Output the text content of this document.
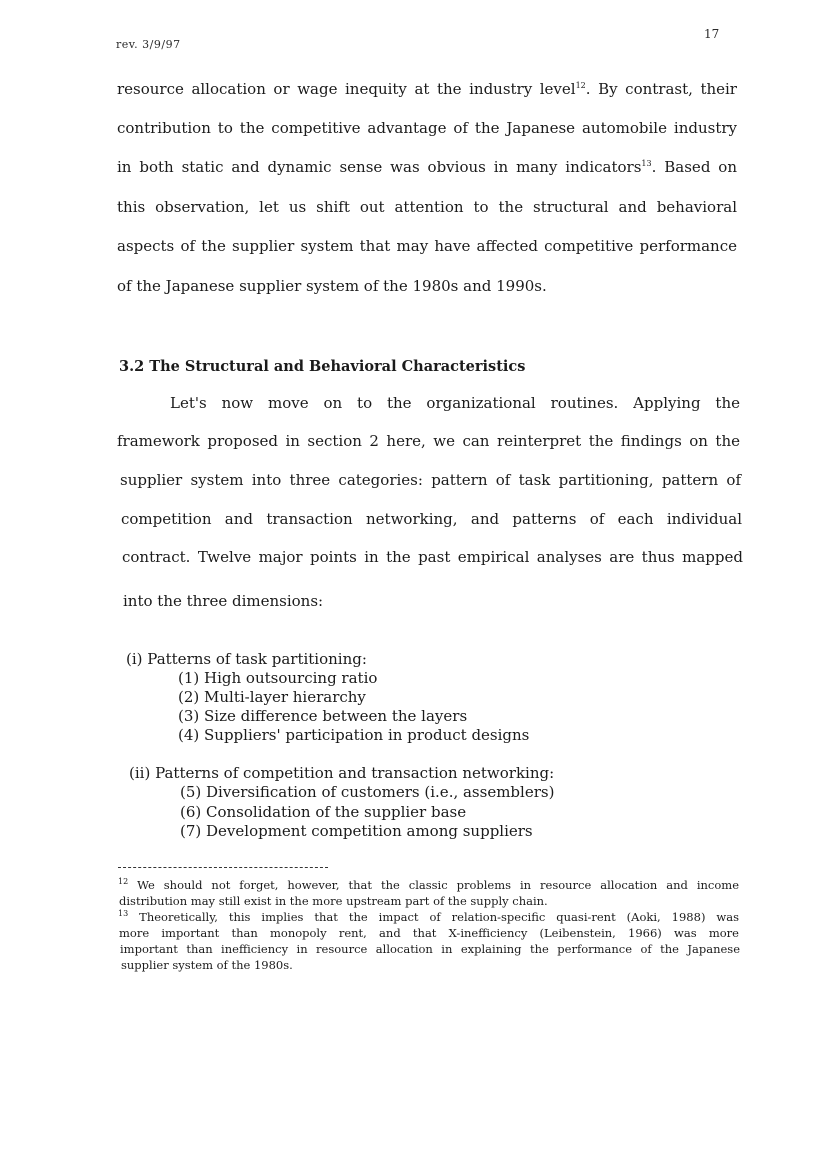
rev. 3/9/97
17
resource allocation or wage inequity at the industry level$^{12}$. By contrast, their
contribution to the competitive advantage of the Japanese automobile industry
in both static and dynamic sense was obvious in many indicators$^{13}$. Based on
this observation, let us shift out attention to the structural and behavioral
aspects of the supplier system that may have affected competitive performance
of the Japanese supplier system of the 1980s and 1990s.
3.2 The Structural and Behavioral Characteristics
Let's now move on to the organizational routines. Applying the
framework proposed in section 2 here, we can reinterpret the findings on the
supplier system into three categories: pattern of task partitioning, pattern of
competition and transaction networking, and patterns of each individual
contract. Twelve major points in the past empirical analyses are thus mapped
into the three dimensions:
(i) Patterns of task partitioning:
(1) High outsourcing ratio
(2) Multi-layer hierarchy
(3) Size difference between the layers
(4) Suppliers' participation in product designs
(ii) Patterns of competition and transaction networking:
(5) Diversification of customers (i.e., assemblers)
(6) Consolidation of the supplier base
(7) Development competition among suppliers
$^{12}$ We should not forget, however, that the classic problems in resource allocation and income
distribution may still exist in the more upstream part of the supply chain.
$^{13}$ Theoretically, this implies that the impact of relation-specific quasi-rent (Aoki, 1988) was
more important than monopoly rent, and that X-inefficiency (Leibenstein, 1966) was more
important than inefficiency in resource allocation in explaining the performance of the Japanese
supplier system of the 1980s.
